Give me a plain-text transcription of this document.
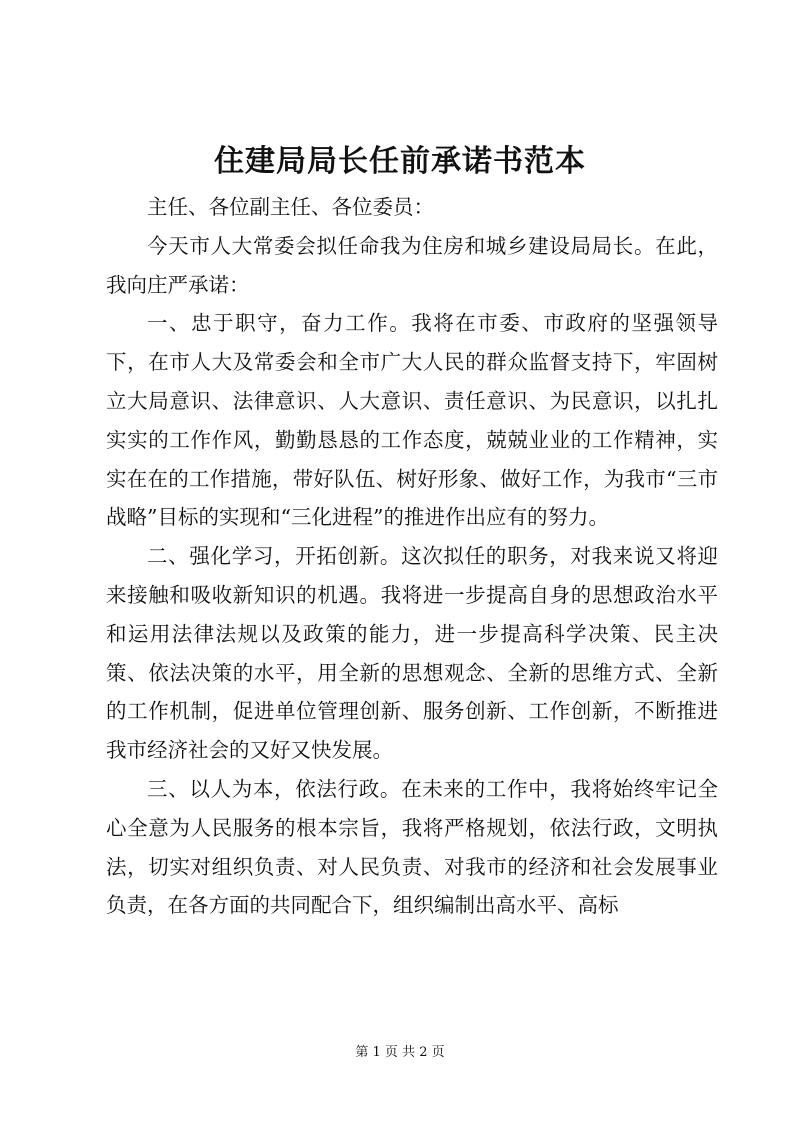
住建局局长任前承诺书范本

主任、各位副主任、各位委员：

今天市人大常委会拟任命我为住房和城乡建设局局长。在此，我向庄严承诺：

一、忠于职守，奋力工作。我将在市委、市政府的坚强领导下，在市人大及常委会和全市广大人民的群众监督支持下，牢固树立大局意识、法律意识、人大意识、责任意识、为民意识，以扎扎实实的工作作风，勤勤恳恳的工作态度，兢兢业业的工作精神，实实在在的工作措施，带好队伍、树好形象、做好工作，为我市“三市战略”目标的实现和“三化进程”的推进作出应有的努力。

二、强化学习，开拓创新。这次拟任的职务，对我来说又将迎来接触和吸收新知识的机遇。我将进一步提高自身的思想政治水平和运用法律法规以及政策的能力，进一步提高科学决策、民主决策、依法决策的水平，用全新的思想观念、全新的思维方式、全新的工作机制，促进单位管理创新、服务创新、工作创新，不断推进我市经济社会的又好又快发展。

三、以人为本，依法行政。在未来的工作中，我将始终牢记全心全意为人民服务的根本宗旨，我将严格规划，依法行政，文明执法，切实对组织负责、对人民负责、对我市的经济和社会发展事业负责，在各方面的共同配合下，组织编制出高水平、高标

第 1 页 共 2 页
